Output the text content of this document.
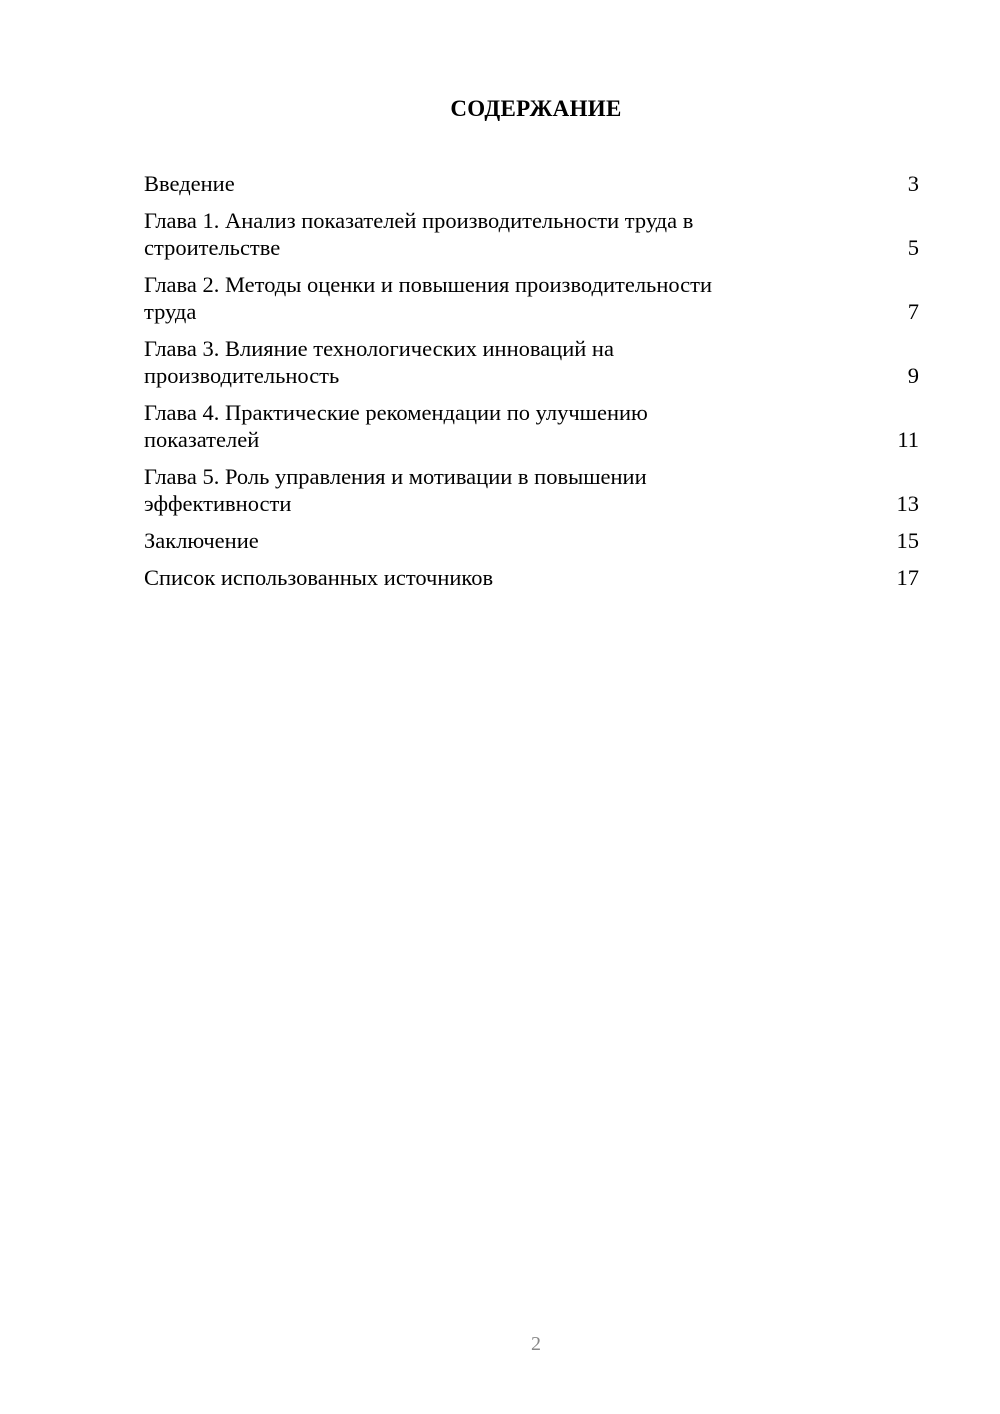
СОДЕРЖАНИЕ
Введение	3
Глава 1. Анализ показателей производительности труда в
строительстве	5
Глава 2. Методы оценки и повышения производительности
труда	7
Глава 3. Влияние технологических инноваций на
производительность	9
Глава 4. Практические рекомендации по улучшению
показателей	11
Глава 5. Роль управления и мотивации в повышении
эффективности	13
Заключение	15
Список использованных источников	17
2
